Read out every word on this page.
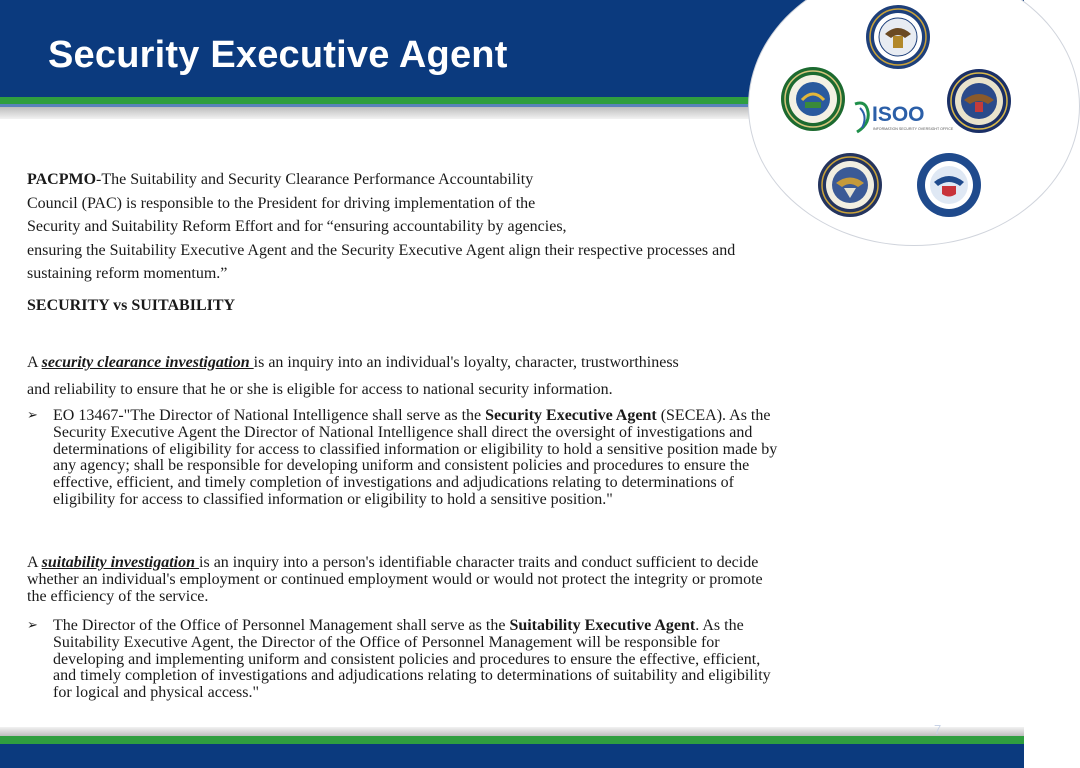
Security Executive Agent
ISOO
INFORMATION SECURITY OVERSIGHT OFFICE

PACPMO-The Suitability and Security Clearance Performance Accountability
Council (PAC) is responsible to the President for driving implementation of the
Security and Suitability Reform Effort and for “ensuring accountability by agencies,
ensuring the Suitability Executive Agent and the Security Executive Agent align their respective processes and
sustaining reform momentum.”

SECURITY vs SUITABILITY

A security clearance investigation is an inquiry into an individual's loyalty, character, trustworthiness
and reliability to ensure that he or she is eligible for access to national security information.

➢ EO 13467-"The Director of National Intelligence shall serve as the Security Executive Agent (SECEA). As the
Security Executive Agent the Director of National Intelligence shall direct the oversight of investigations and
determinations of eligibility for access to classified information or eligibility to hold a sensitive position made by
any agency; shall be responsible for developing uniform and consistent policies and procedures to ensure the
effective, efficient, and timely completion of investigations and adjudications relating to determinations of
eligibility for access to classified information or eligibility to hold a sensitive position."

A suitability investigation is an inquiry into a person's identifiable character traits and conduct sufficient to decide
whether an individual's employment or continued employment would or would not protect the integrity or promote
the efficiency of the service.

➢ The Director of the Office of Personnel Management shall serve as the Suitability Executive Agent. As the
Suitability Executive Agent, the Director of the Office of Personnel Management will be responsible for
developing and implementing uniform and consistent policies and procedures to ensure the effective, efficient,
and timely completion of investigations and adjudications relating to determinations of suitability and eligibility
for logical and physical access."
7
